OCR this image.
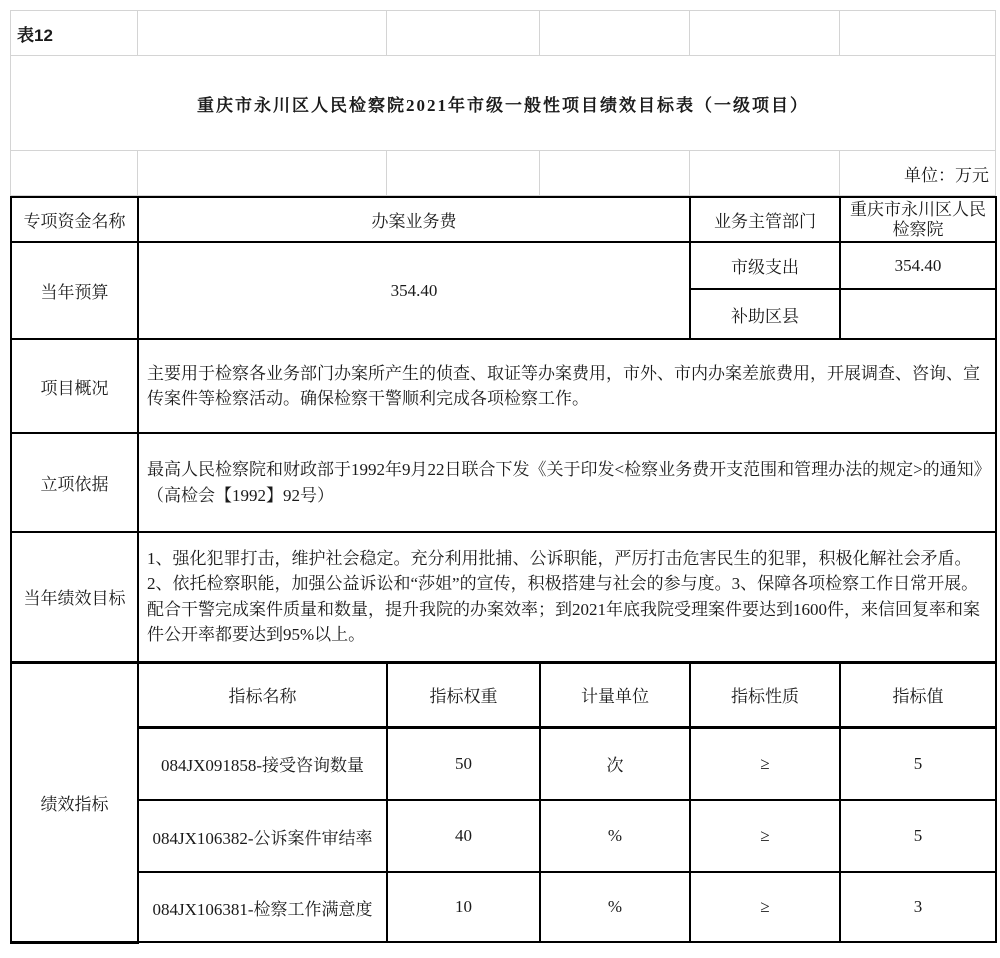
表12					
重庆市永川区人民检察院2021年市级一般性项目绩效目标表（一级项目）					
					单位：万元
专项资金名称	办案业务费			业务主管部门	重庆市永川区人民检察院
当年预算	354.40			市级支出	354.40
				补助区县	
项目概况	主要用于检察各业务部门办案所产生的侦查、取证等办案费用，市外、市内办案差旅费用，开展调查、咨询、宣传案件等检察活动。确保检察干警顺利完成各项检察工作。				
立项依据	最高人民检察院和财政部于1992年9月22日联合下发《关于印发<检察业务费开支范围和管理办法的规定>的通知》（高检会【1992】92号）				
当年绩效目标	1、强化犯罪打击，维护社会稳定。充分利用批捕、公诉职能，严厉打击危害民生的犯罪，积极化解社会矛盾。2、依托检察职能，加强公益诉讼和“莎姐”的宣传，积极搭建与社会的参与度。3、保障各项检察工作日常开展。配合干警完成案件质量和数量，提升我院的办案效率；到2021年底我院受理案件要达到1600件，来信回复率和案件公开率都要达到95%以上。				
绩效指标	指标名称	指标权重	计量单位	指标性质	指标值
	084JX091858-接受咨询数量	50	次	≥	5
	084JX106382-公诉案件审结率	40	%	≥	5
	084JX106381-检察工作满意度	10	%	≥	3
